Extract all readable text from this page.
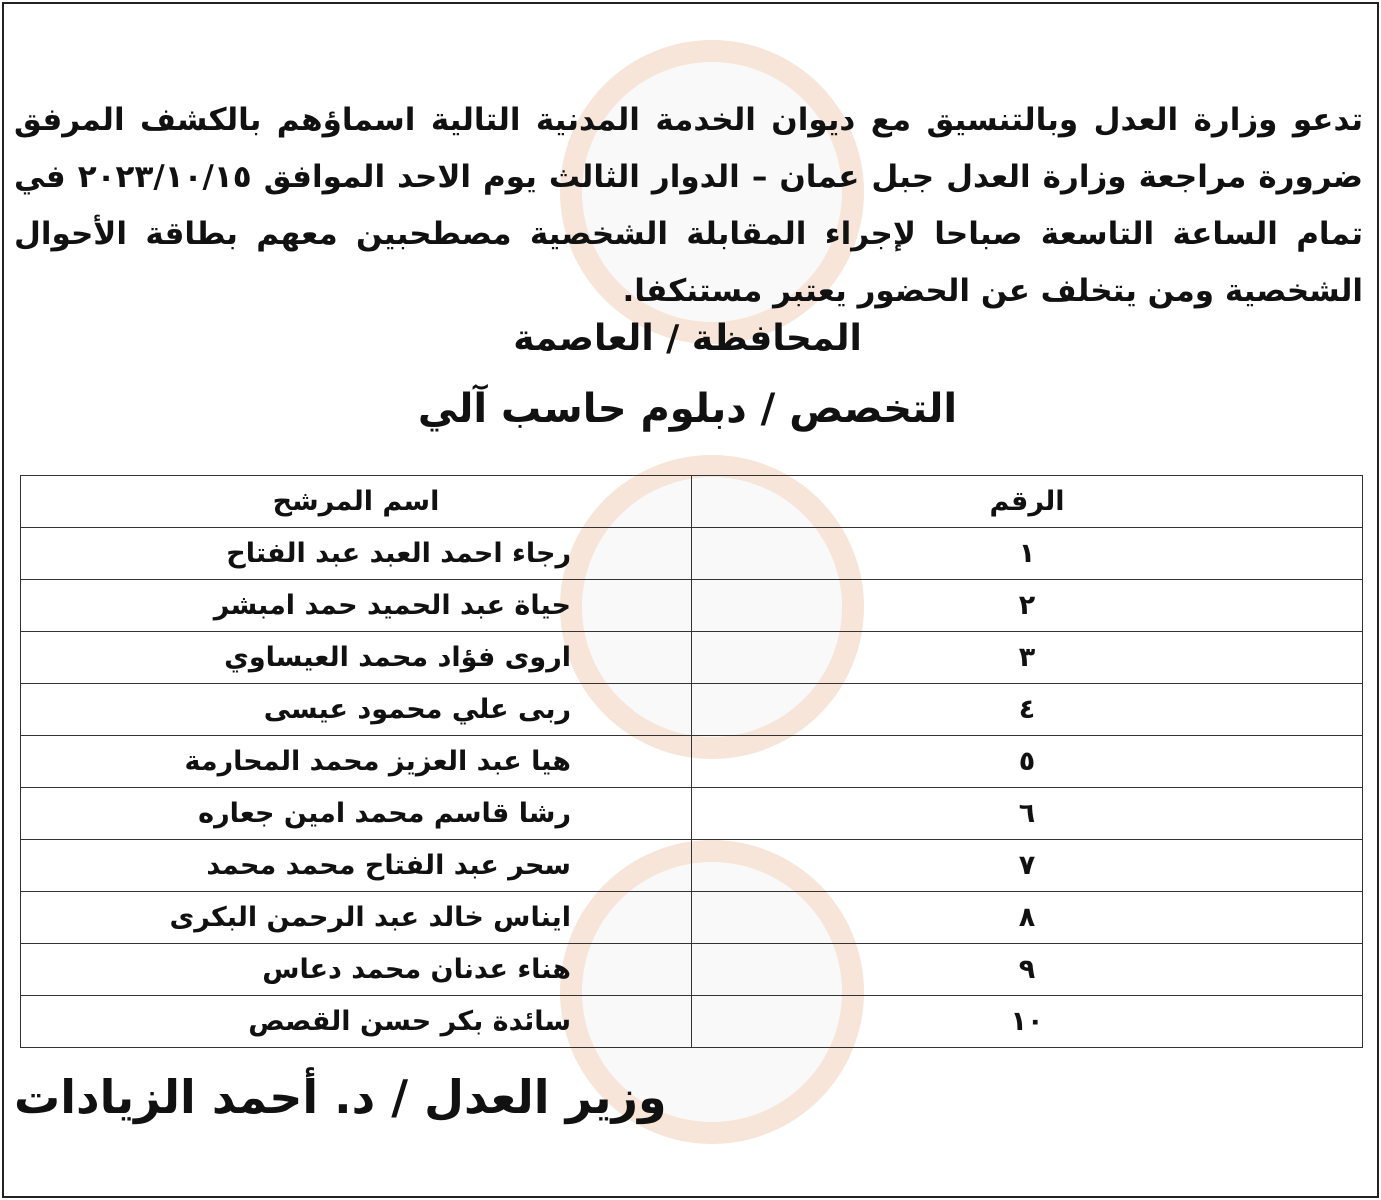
تدعو وزارة العدل وبالتنسيق مع ديوان الخدمة المدنية التالية اسماؤهم بالكشف المرفق ضرورة مراجعة وزارة العدل جبل عمان – الدوار الثالث يوم الاحد الموافق ٢٠٢٣/١٠/١٥ في تمام الساعة التاسعة صباحا لإجراء المقابلة الشخصية مصطحبين معهم بطاقة الأحوال الشخصية ومن يتخلف عن الحضور يعتبر مستنكفا.
المحافظة / العاصمة
التخصص / دبلوم حاسب آلي
الرقم	اسم المرشح
١	رجاء احمد العبد عبد الفتاح
٢	حياة عبد الحميد حمد امبشر
٣	اروى فؤاد محمد العيساوي
٤	ربى علي محمود عيسى
٥	هيا عبد العزيز محمد المحارمة
٦	رشا قاسم محمد امين جعاره
٧	سحر عبد الفتاح محمد محمد
٨	ايناس خالد عبد الرحمن البكرى
٩	هناء عدنان محمد دعاس
١٠	سائدة بكر حسن القصص
وزير العدل / د. أحمد الزيادات
